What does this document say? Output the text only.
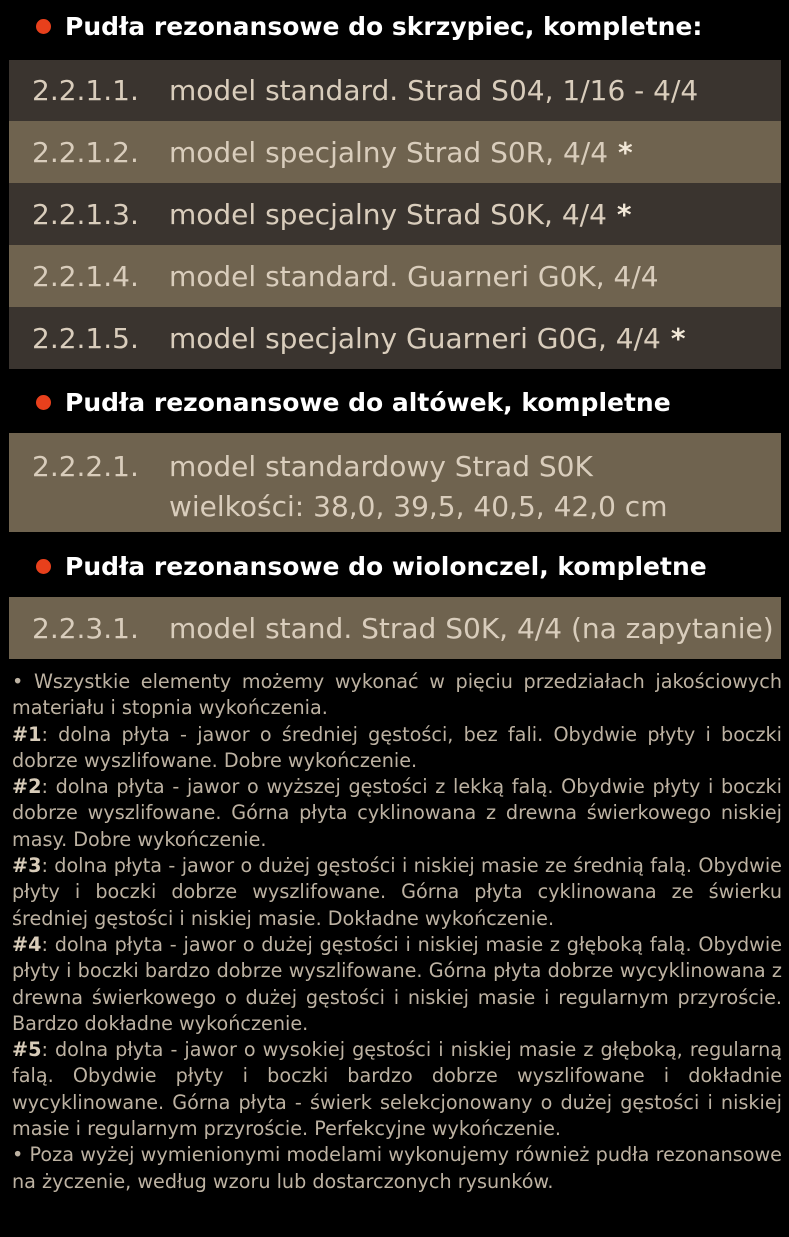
Pudła rezonansowe do skrzypiec, kompletne:
2.2.1.1.	model standard. Strad S04, 1/16 - 4/4
2.2.1.2.	model specjalny Strad S0R, 4/4 *
2.2.1.3.	model specjalny Strad S0K, 4/4 *
2.2.1.4.	model standard. Guarneri G0K, 4/4
2.2.1.5.	model specjalny Guarneri G0G, 4/4 *
Pudła rezonansowe do altówek, kompletne
2.2.2.1.	model standardowy Strad S0K
wielkości: 38,0, 39,5, 40,5, 42,0 cm
Pudła rezonansowe do wiolonczel, kompletne
2.2.3.1.	model stand. Strad S0K, 4/4 (na zapytanie)

• Wszystkie elementy możemy wykonać w pięciu przedziałach jakościowych materiału i stopnia wykończenia.

#1: dolna płyta - jawor o średniej gęstości, bez fali. Obydwie płyty i boczki dobrze wyszlifowane. Dobre wykończenie.

#2: dolna płyta - jawor o wyższej gęstości z lekką falą. Obydwie płyty i boczki dobrze wyszlifowane. Górna płyta cyklinowana z drewna świerkowego niskiej masy. Dobre wykończenie.

#3: dolna płyta - jawor o dużej gęstości i niskiej masie ze średnią falą. Obydwie płyty i boczki dobrze wyszlifowane. Górna płyta cyklinowana ze świerku średniej gęstości i niskiej masie. Dokładne wykończenie.

#4: dolna płyta - jawor o dużej gęstości i niskiej masie z głęboką falą. Obydwie płyty i boczki bardzo dobrze wyszlifowane. Górna płyta dobrze wycyklinowana z drewna świerkowego o dużej gęstości i niskiej masie i regularnym przyroście. Bardzo dokładne wykończenie.

#5: dolna płyta - jawor o wysokiej gęstości i niskiej masie z głęboką, regularną falą. Obydwie płyty i boczki bardzo dobrze wyszlifowane i dokładnie wycyklinowane. Górna płyta - świerk selekcjonowany o dużej gęstości i niskiej masie i regularnym przyroście. Perfekcyjne wykończenie.

• Poza wyżej wymienionymi modelami wykonujemy również pudła rezonansowe na życzenie, według wzoru lub dostarczonych rysunków.
